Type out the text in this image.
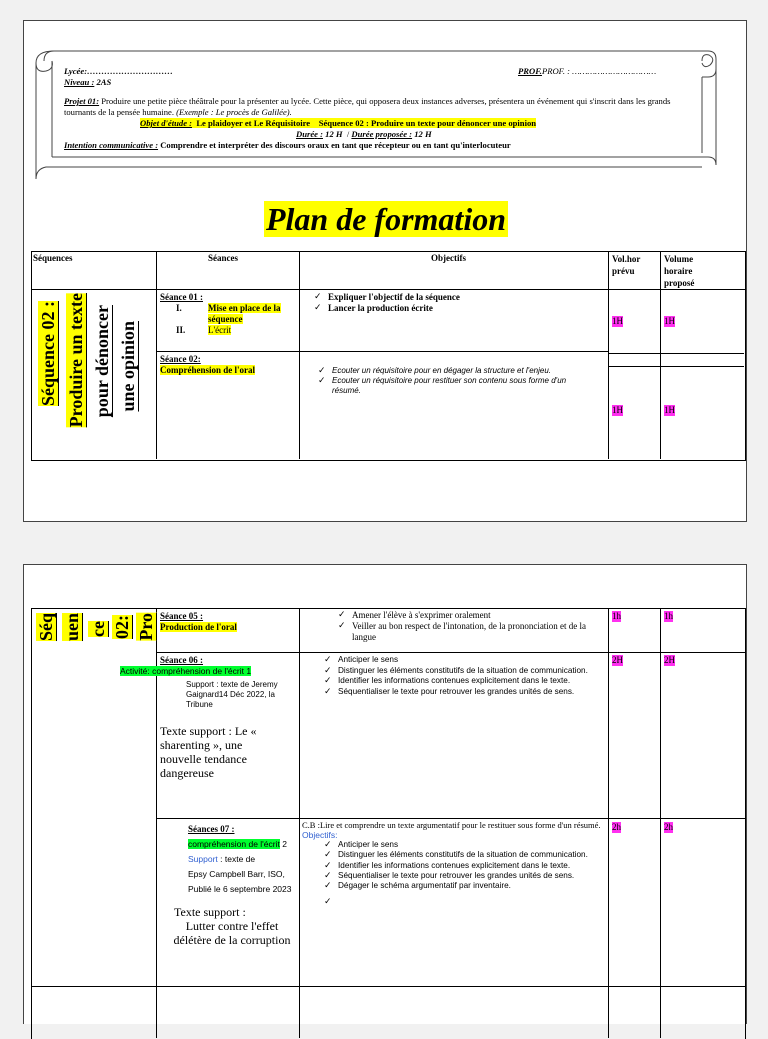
Lycée:…………………………	PROF.PROF. : ……………………………
Niveau : 2AS
Projet 01: Produire une petite pièce théâtrale pour la présenter au lycée. Cette pièce, qui opposera deux instances adverses, présentera un événement qui s'inscrit dans les grands tournants de la pensée humaine. (Exemple : Le procès de Galilée).
Objet d'étude : Le plaidoyer et Le Réquisitoire Séquence 02 : Produire un texte pour dénoncer une opinion
Durée : 12 H  / Durée proposée : 12 H
Intention communicative : Comprendre et interpréter des discours oraux en tant que récepteur ou en tant qu'interlocuteur
Plan de formation
Séquences	Séances	Objectifs	Vol.hor prévu
Volume horaire proposé
Séquence 02 : Produire un texte pour dénoncer une opinion
Séance 01 :
I.	Mise en place de la séquence
II.	L'écrit
✓ Expliquer l'objectif de la séquence
✓ Lancer la production écrite
1H	1H
Séance 02:
Compréhension de l'oral
✓	Ecouter un réquisitoire pour en dégager la structure et l'enjeu.
✓ Ecouter un réquisitoire pour restituer son contenu sous forme d'un résumé.
1H	1H
Séq uen ce 02: Pro Séance 05 :
Production de l'oral
✓ Amener l'élève à s'exprimer oralement
✓ Veiller au bon respect de l'intonation, de la prononciation et de la langue
1h	1h
Séance 06 :
Activité: compréhension de l'écrit 1
Support : texte de Jeremy Gaignard14 Déc 2022, la Tribune
Texte support : Le « sharenting », une nouvelle tendance dangereuse
✓ Anticiper le sens
✓ Distinguer les éléments constitutifs de la situation de communication.
✓ Identifier les informations contenues explicitement dans le texte.
✓ Séquentialiser le texte pour retrouver les grandes unités de sens.
2H	2H
Séances 07 :
compréhension de l'écrit 2
Support : texte de
Epsy Campbell Barr, ISO,
Publié le 6 septembre 2023
Texte support :
Lutter contre l'effet délétère de la corruption
C.B :Lire et comprendre un texte argumentatif pour le restituer sous forme d'un résumé.
Objectifs:
✓ Anticiper le sens
✓ Distinguer les éléments constitutifs de la situation de communication.
✓ Identifier les informations contenues explicitement dans le texte.
✓ Séquentialiser le texte pour retrouver les grandes unités de sens.
✓ Dégager le schéma argumentatif par inventaire.
✓
2h	2h
